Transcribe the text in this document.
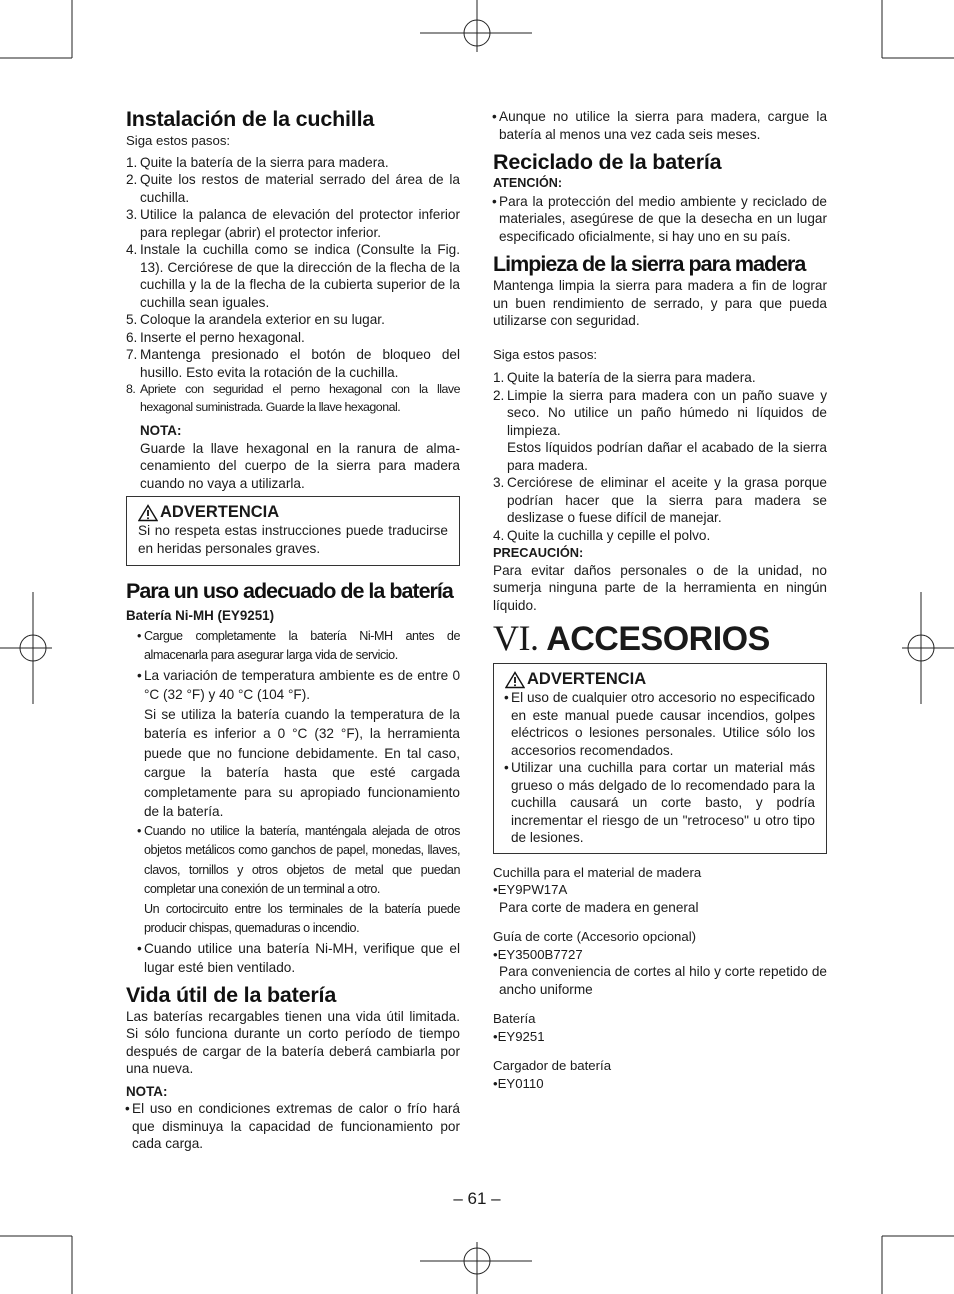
Instalación de la cuchilla
Siga estos pasos:
1. Quite la batería de la sierra para madera.
2. Quite los restos de material serrado del área de la cuchilla.
3. Utilice la palanca de elevación del protector inferior para replegar (abrir) el protector inferior.
4. Instale la cuchilla como se indica (Consulte la Fig. 13). Cerciórese de que la dirección de la flecha de la cuchilla y la de la flecha de la cubierta superior de la cuchilla sean iguales.
5. Coloque la arandela exterior en su lugar.
6. Inserte el perno hexagonal.
7. Mantenga presionado el botón de bloqueo del husillo. Esto evita la rotación de la cuchilla.
8. Apriete con seguridad el perno hexagonal con la llave hexagonal suministrada. Guarde la llave hexagonal.
NOTA:
Guarde la llave hexagonal en la ranura de almacenamiento del cuerpo de la sierra para madera cuando no vaya a utilizarla.
ADVERTENCIA
Si no respeta estas instrucciones puede traducirse en heridas personales graves.
Para un uso adecuado de la batería
Batería Ni-MH (EY9251)
• Cargue completamente la batería Ni-MH antes de almacenarla para asegurar larga vida de servicio.
• La variación de temperatura ambiente es de entre 0 °C (32 °F) y 40 °C (104 °F).
Si se utiliza la batería cuando la temperatura de la batería es inferior a 0 °C (32 °F), la herramienta puede que no funcione debidamente. En tal caso, cargue la batería hasta que esté cargada completamente para su apropiado funcionamiento de la batería.
• Cuando no utilice la batería, manténgala alejada de otros objetos metálicos como ganchos de papel, monedas, llaves, clavos, tornillos y otros objetos de metal que puedan completar una conexión de un terminal a otro.
Un cortocircuito entre los terminales de la batería puede producir chispas, quemaduras o incendio.
• Cuando utilice una batería Ni-MH, verifique que el lugar esté bien ventilado.
Vida útil de la batería
Las baterías recargables tienen una vida útil limitada. Si sólo funciona durante un corto período de tiempo después de cargar de la batería deberá cambiarla por una nueva.
NOTA:
• El uso en condiciones extremas de calor o frío hará que disminuya la capacidad de funcionamiento por cada carga.
• Aunque no utilice la sierra para madera, cargue la batería al menos una vez cada seis meses.
Reciclado de la batería
ATENCIÓN:
• Para la protección del medio ambiente y reciclado de materiales, asegúrese de que la desecha en un lugar especificado oficialmente, si hay uno en su país.
Limpieza de la sierra para madera
Mantenga limpia la sierra para madera a fin de lograr un buen rendimiento de serrado, y para que pueda utilizarse con seguridad.
Siga estos pasos:
1. Quite la batería de la sierra para madera.
2. Limpie la sierra para madera con un paño suave y seco. No utilice un paño húmedo ni líquidos de limpieza.
Estos líquidos podrían dañar el acabado de la sierra para madera.
3. Cerciórese de eliminar el aceite y la grasa porque podrían hacer que la sierra para madera se deslizase o fuese difícil de manejar.
4. Quite la cuchilla y cepille el polvo.
PRECAUCIÓN:
Para evitar daños personales o de la unidad, no sumerja ninguna parte de la herramienta en ningún líquido.
VI. ACCESORIOS
ADVERTENCIA
• El uso de cualquier otro accesorio no especificado en este manual puede causar incendios, golpes eléctricos o lesiones personales. Utilice sólo los accesorios recomendados.
• Utilizar una cuchilla para cortar un material más grueso o más delgado de lo recomendado para la cuchilla causará un corte basto, y podría incrementar el riesgo de un "retroceso" u otro tipo de lesiones.
Cuchilla para el material de madera
•EY9PW17A
Para corte de madera en general
Guía de corte (Accesorio opcional)
•EY3500B7727
Para conveniencia de cortes al hilo y corte repetido de ancho uniforme
Batería
•EY9251
Cargador de batería
•EY0110
– 61 –
